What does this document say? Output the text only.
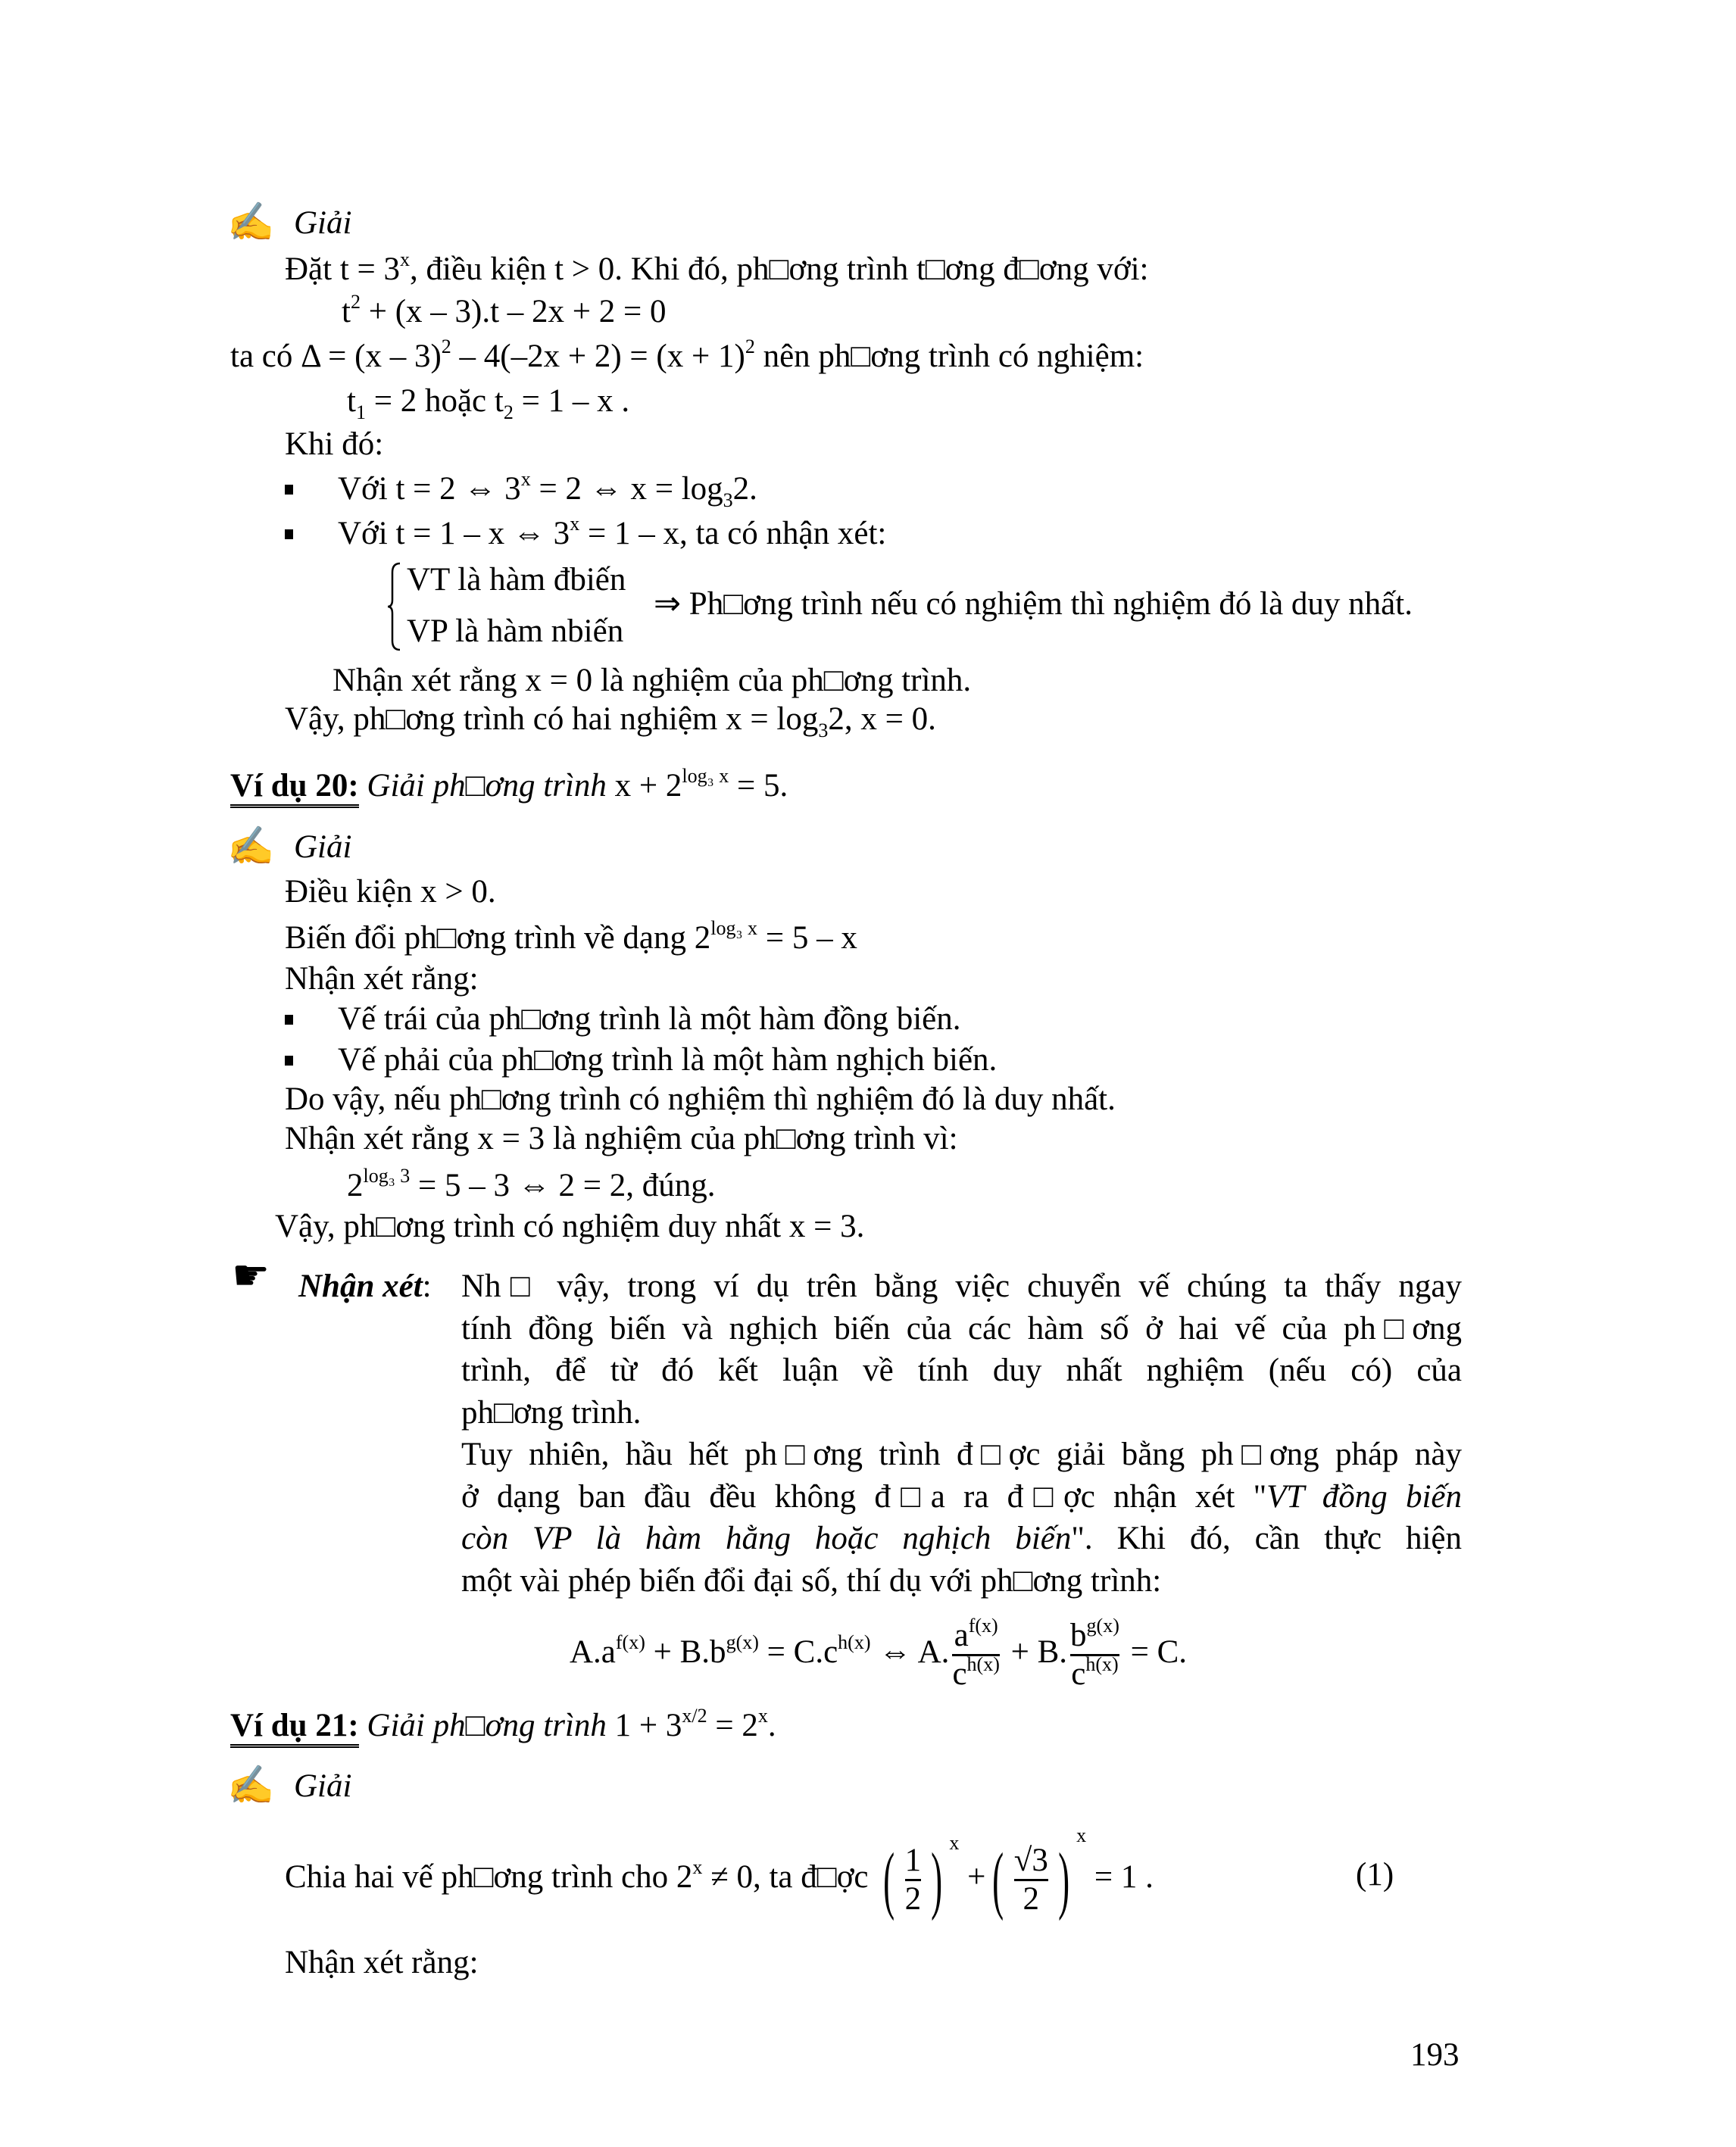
✍ Giải
Đặt $t = 3^x$, điều kiện t > 0. Khi đó, ph□ơng trình t□ơng đ□ơng với:
$t^2 + (x - 3).t - 2x + 2 = 0$
ta có $\Delta = (x - 3)^2 - 4(-2x + 2) = (x + 1)^2$ nên ph□ơng trình có nghiệm:
$t_1 = 2$ hoặc $t_2 = 1 - x$ .
Khi đó:
Với t = 2 ⇔ $3^x = 2$ ⇔ $x = \log_32$.
Với t = 1 – x ⇔ $3^x = 1 - x$, ta có nhận xét:
VT là hàm đbiến
VP là hàm nbiến
⇒ Ph□ơng trình nếu có nghiệm thì nghiệm đó là duy nhất.
Nhận xét rằng x = 0 là nghiệm của ph□ơng trình.
Vậy, ph□ơng trình có hai nghiệm $x = \log_32$, x = 0.
Ví dụ 20: Giải ph□ơng trình $x + 2^{log_3 x} = 5$.
✍ Giải
Điều kiện x > 0.
Biến đổi ph□ơng trình về dạng $2^{log_3 x} = 5 - x$
Nhận xét rằng:
Vế trái của ph□ơng trình là một hàm đồng biến.
Vế phải của ph□ơng trình là một hàm nghịch biến.
Do vậy, nếu ph□ơng trình có nghiệm thì nghiệm đó là duy nhất.
Nhận xét rằng x = 3 là nghiệm của ph□ơng trình vì:
$2^{log_3 3} = 5 - 3$ ⇔ 2 = 2, đúng.
Vậy, ph□ơng trình có nghiệm duy nhất x = 3.
☛ Nhận xét: Nh□ vậy, trong ví dụ trên bằng việc chuyển vế chúng ta thấy ngay
tính đồng biến và nghịch biến của các hàm số ở hai vế của ph□ơng
trình, để từ đó kết luận về tính duy nhất nghiệm (nếu có) của
ph□ơng trình.
Tuy nhiên, hầu hết ph□ơng trình đ□ợc giải bằng ph□ơng pháp này
ở dạng ban đầu đều không đ□a ra đ□ợc nhận xét "VT đồng biến
còn VP là hàm hằng hoặc nghịch biến". Khi đó, cần thực hiện
một vài phép biến đổi đại số, thí dụ với ph□ơng trình:
$A.a^{f(x)} + B.b^{g(x)} = C.c^{h(x)}$ ⇔ A. $\frac{a^{f(x)}}{c^{h(x)}} + B$. $\frac{b^{g(x)}}{c^{h(x)}} = C$.
Ví dụ 21: Giải ph□ơng trình $1 + 3^{x/2} = 2^x$.
✍ Giải
Chia hai vế ph□ơng trình cho $2^x \ne 0$, ta đ□ợc ( $\frac{1}{2}$ ) $^x$ +( $\frac{√3}{2} )^x = 1$ .	(1)
Nhận xét rằng:
193
